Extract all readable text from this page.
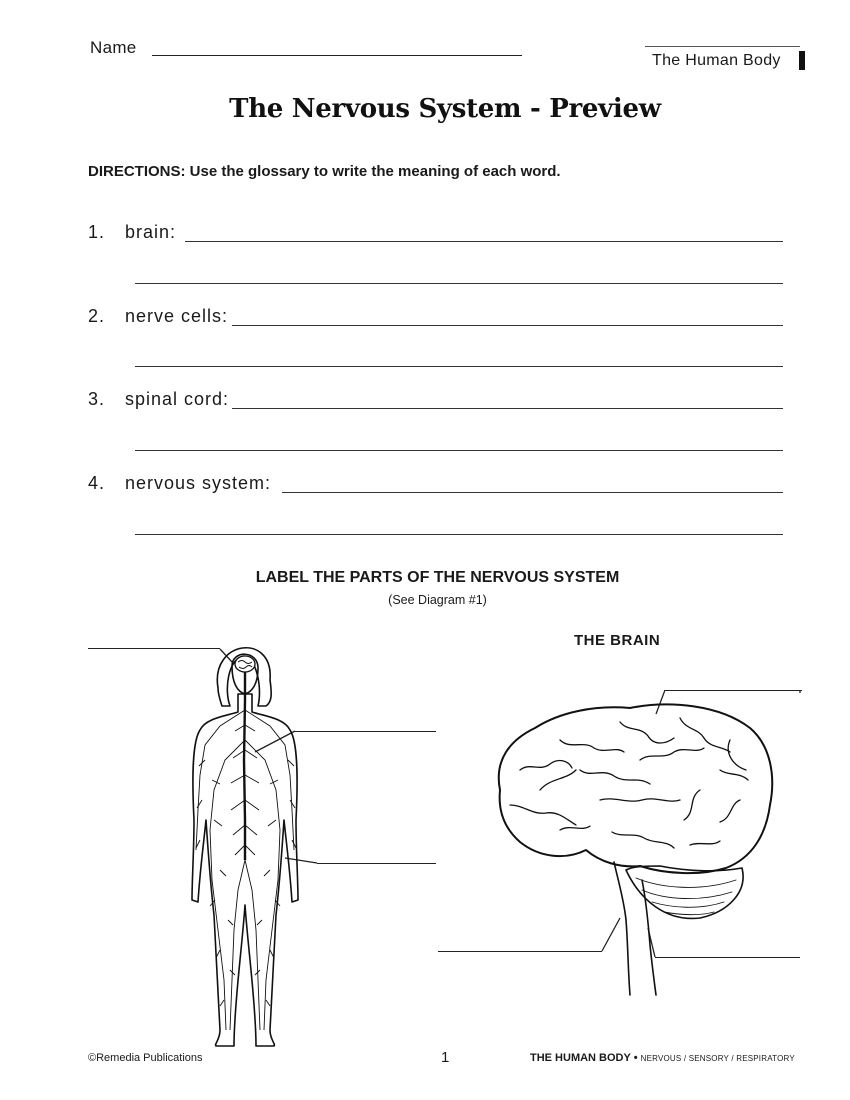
Name
The Human Body
The Nervous System - Preview
DIRECTIONS: Use the glossary to write the meaning of each word.
1. brain:
2. nerve cells:
3. spinal cord:
4. nervous system:
LABEL THE PARTS OF THE NERVOUS SYSTEM
(See Diagram #1)
THE BRAIN
©Remedia Publications	1	THE HUMAN BODY • NERVOUS / SENSORY / RESPIRATORY
